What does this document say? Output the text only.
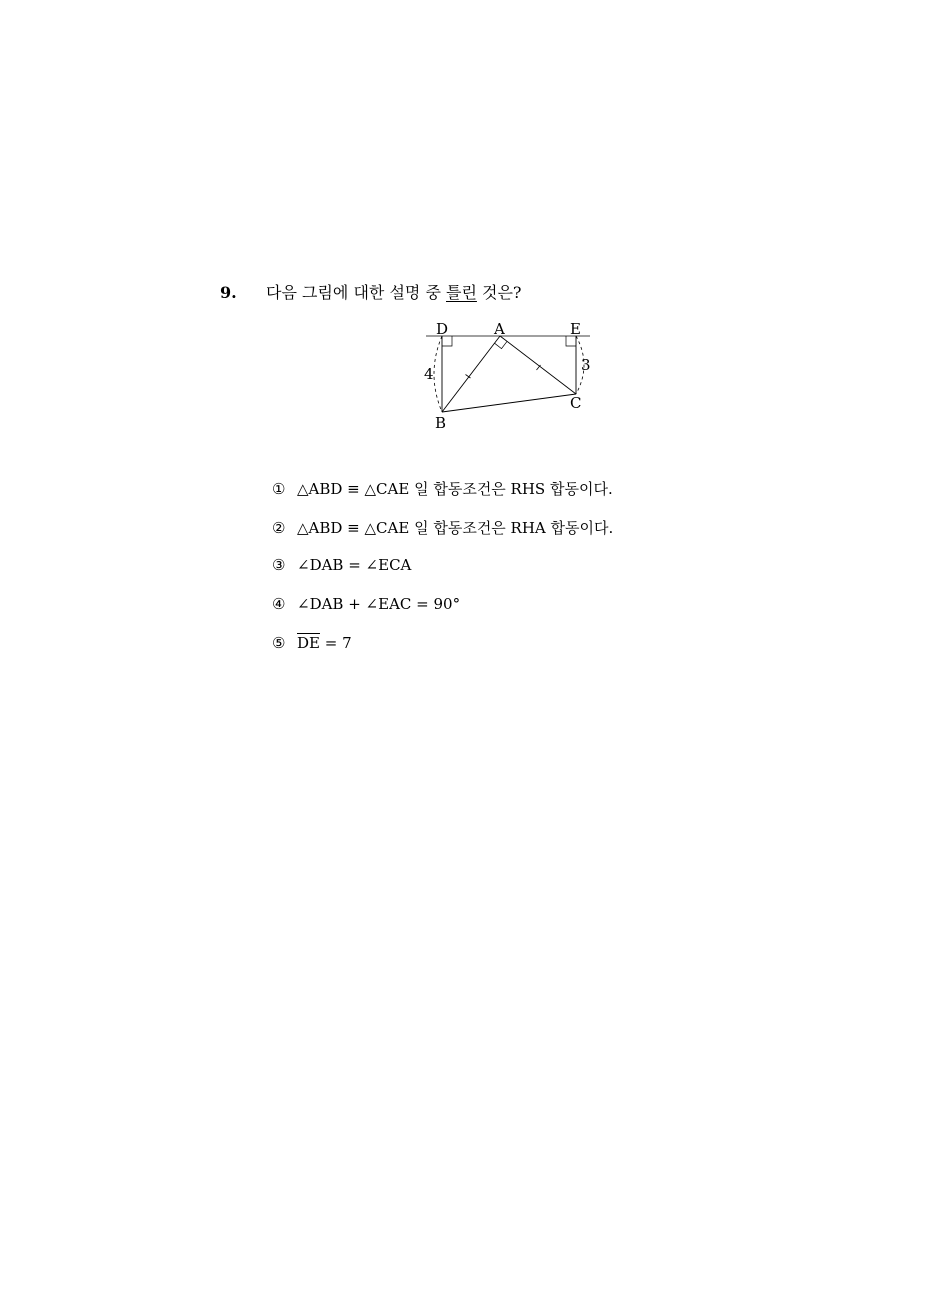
9.	다음 그림에 대한 설명 중 틀린 것은?
D	A	E
B
C
4	3
① △ABD ≡ △CAE 일 합동조건은 RHS 합동이다.
② △ABD ≡ △CAE 일 합동조건은 RHA 합동이다.
③ ∠DAB = ∠ECA
④ ∠DAB + ∠EAC = 90°
⑤ $\overline{DE} = 7$
